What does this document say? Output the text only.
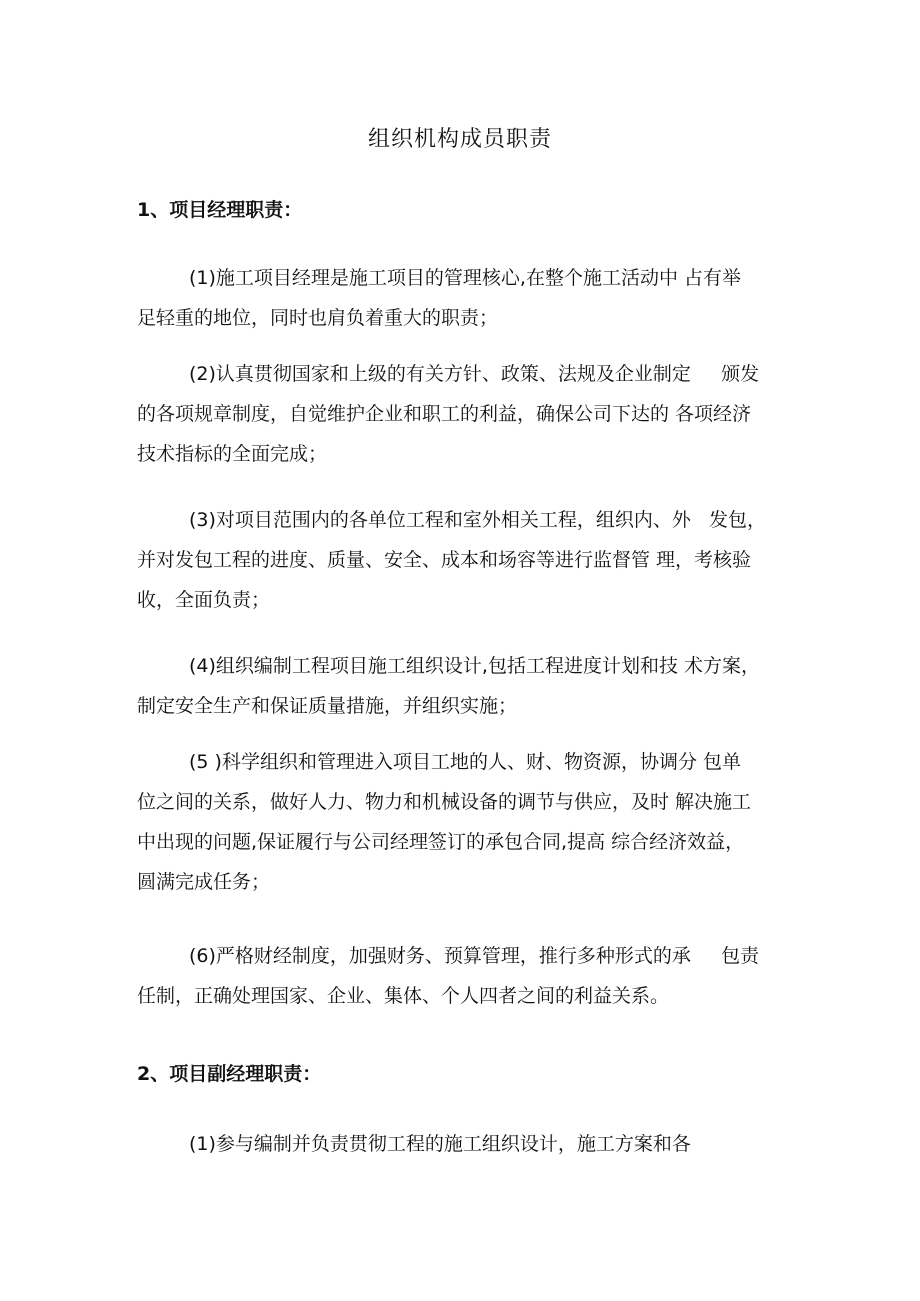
组织机构成员职责
1、项目经理职责：
(1)施工项目经理是施工项目的管理核心,在整个施工活动中 占有举
足轻重的地位，同时也肩负着重大的职责；
(2)认真贯彻国家和上级的有关方针、政策、法规及企业制定     颁发
的各项规章制度，自觉维护企业和职工的利益，确保公司下达的 各项经济
技术指标的全面完成；
(3)对项目范围内的各单位工程和室外相关工程，组织内、外   发包，
并对发包工程的进度、质量、安全、成本和场容等进行监督管 理，考核验
收，全面负责；
(4)组织编制工程项目施工组织设计,包括工程进度计划和技 术方案，
制定安全生产和保证质量措施，并组织实施；
(5 )科学组织和管理进入项目工地的人、财、物资源，协调分 包单
位之间的关系，做好人力、物力和机械设备的调节与供应，及时 解决施工
中出现的问题,保证履行与公司经理签订的承包合同,提高 综合经济效益，
圆满完成任务；
(6)严格财经制度，加强财务、预算管理，推行多种形式的承     包责
任制，正确处理国家、企业、集体、个人四者之间的利益关系。
2、项目副经理职责：
(1)参与编制并负责贯彻工程的施工组织设计，施工方案和各
